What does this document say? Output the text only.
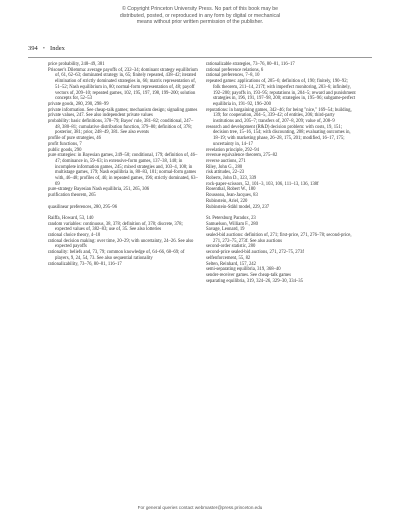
© Copyright Princeton University Press. No part of this book may be
distributed, posted, or reproduced in any form by digital or mechanical
means without prior written permission of the publisher.
394 • Index
price probability, 248–49, 381
Prisoner's Dilemma: average payoffs of, 232–34; dominant strategy equilibrium of, 61, 62–63; dominated strategy in, 65; finitely repeated, 438–42; iterated elimination of strictly dominated strategies in, 66; matrix representation of, 51–52; Nash equilibrium in, 80; normal-form representation of, 48; payoff vectors of, 209–10; repeated games, 102, 195, 197, 198, 199–200; solution concepts for, 52–53
private goods, 280, 290, 298–99
private information. See cheap-talk games; mechanism design; signaling games
private values, 247. See also independent private values
probability: basic definitions, 378–79; Bayes' rule, 381–82; conditional, 247–48, 380–81; cumulative distribution function, 379–80; definition of, 378; posterior, 381; prior, 248–49, 381. See also events
profile of pure strategies, 46
profit functions, 7
public goods, 290
pure strategies: in Bayesian games, 249–50; conditional, 179; definition of, 46–47; dominance in, 59–63; in extensive-form games, 137–38, 140; in incomplete information games, 245; mixed strategies and, 103–4, 108; in multistage games, 179; Nash equilibria in, 80–83, 101; normal-form games with, 46–48; profiles of, 46; in repeated games, 196; strictly dominated, 63–69
pure-strategy Bayesian Nash equilibria, 251, 265, 306
purification theorem, 265
quasilinear preferences, 280, 295–96
Raiffa, Howard, 53, 140
random variables: continuous, 38, 378; definition of, 378; discrete, 378; expected values of, 382–83; use of, 35. See also lotteries
rational choice theory, 4–10
rational decision making: over time, 20–29; with uncertainty, 24–26. See also expected payoffs
rationality: beliefs and, 73, 79; common knowledge of, 64–66, 68–69; of players, 9, 24, 54, 73. See also sequential rationality
rationalizability, 73–76, 80–81, 116–17
rationalizable strategies, 73–76, 80–81, 116–17
rational preference relations, 6
rational preferences, 7–8, 10
repeated games: applications of, 205–6; definition of, 190; finitely, 190–92; folk theorem, 211–14, 217f; with imperfect monitoring, 203–6; infinitely, 192–200; payoffs in, 193–95; reputations in, 204–5; reward and punishment strategies in, 196, 191, 197–98, 200; strategies in, 195–96; subgame-perfect equilibria in, 191–92, 196–200
reputations: in bargaining games, 342–46; for being "nice," 169–54; building, 139; for cooperation, 204–5, 339–42; of entities, 206; third-party institutions and, 205–7; transfers of, 207–8, 209; value of, 208–9
research and development (R&D) decision problem: with costs, 19, 151; decision tree, 15–16, 154; with discounting, 208; evaluating outcomes in, 18–19; with marketing phase, 26–28, 175, 201; modified, 16–17, 175; uncertainty in, 14–17
revelation principle, 292–94
revenue equivalence theorem, 275–82
reverse auctions, 271
Riley, John G., 280
risk attitudes, 22–23
Roberts, John D., 323, 339
rock-paper-scissors, 52, 101–3, 103, 106, 111–13, 136, 138f
Rosenthal, Robert W., 180
Rousseau, Jean-Jacques, 83
Rubinstein, Ariel, 220
Rubinstein-Ståhl model, 229, 237
St. Petersburg Paradox, 23
Samuelson, William F., 280
Savage, Leonard, 19
sealed-bid auctions: definition of, 271; first-price, 271, 276–78; second-price, 271, 272–75, 273f. See also auctions
second-order statistic, 280
second-price sealed-bid auctions, 271, 272–75, 273f
selfenforcement, 55, 82
Selten, Reinhard, 157, 242
semi-separating equilibria, 319, 368–40
sender-receiver games. See cheap-talk games
separating equilibria, 319, 324–26, 329–30, 334–35
For general queries contact webmaster@press.princeton.edu
